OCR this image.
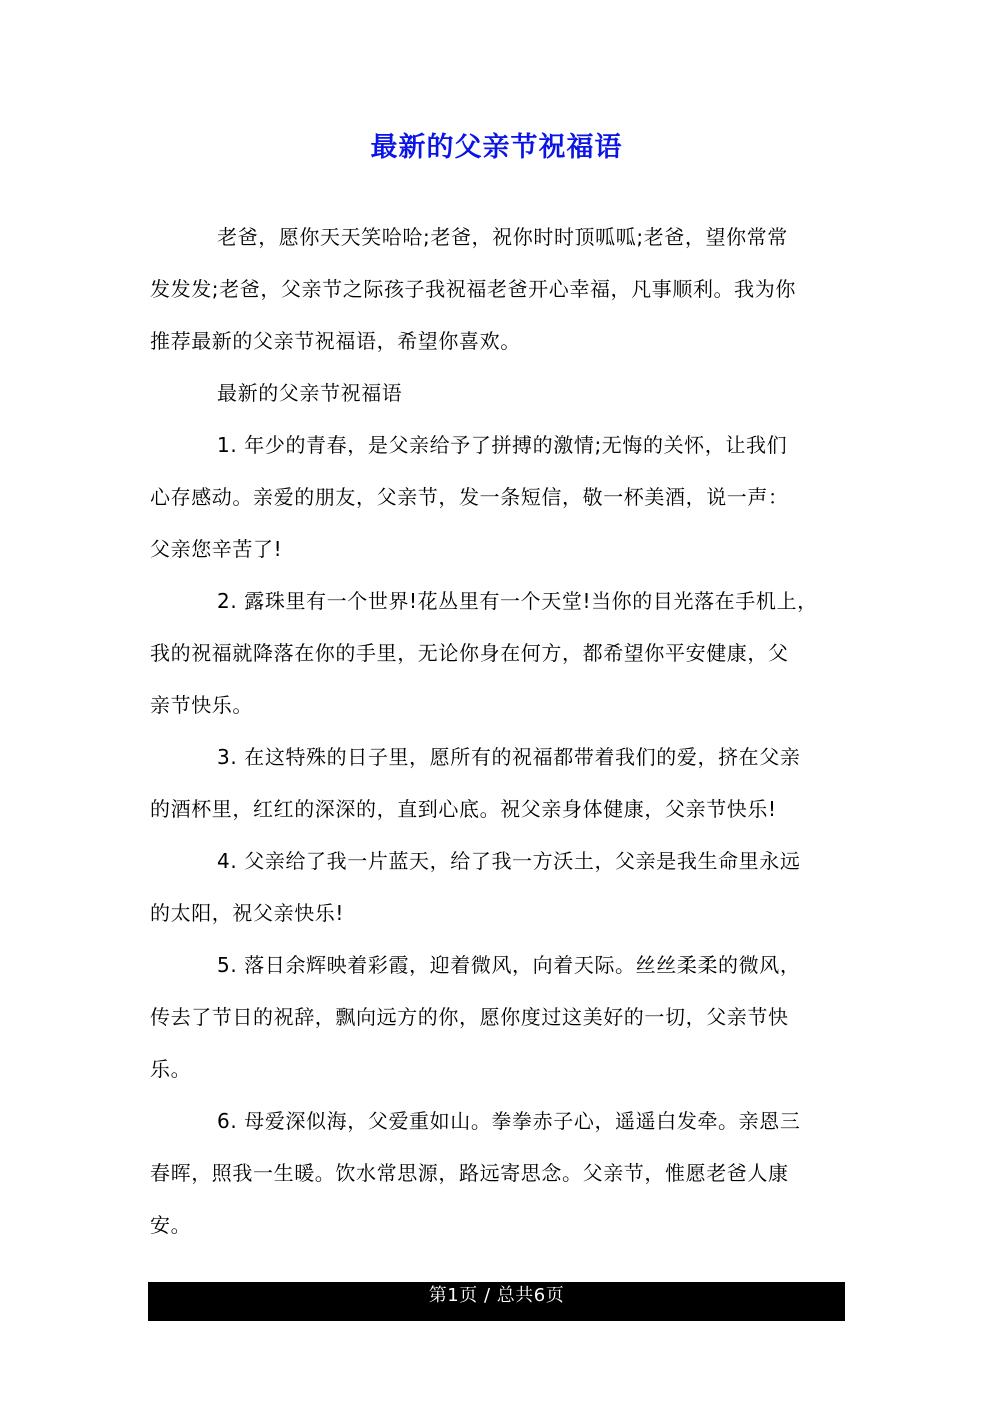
最新的父亲节祝福语
老爸，愿你天天笑哈哈;老爸，祝你时时顶呱呱;老爸，望你常常
发发发;老爸，父亲节之际孩子我祝福老爸开心幸福，凡事顺利。我为你
推荐最新的父亲节祝福语，希望你喜欢。
最新的父亲节祝福语
1. 年少的青春，是父亲给予了拼搏的激情;无悔的关怀，让我们
心存感动。亲爱的朋友，父亲节，发一条短信，敬一杯美酒，说一声：
父亲您辛苦了!
2. 露珠里有一个世界!花丛里有一个天堂!当你的目光落在手机上，
我的祝福就降落在你的手里，无论你身在何方，都希望你平安健康，父
亲节快乐。
3. 在这特殊的日子里，愿所有的祝福都带着我们的爱，挤在父亲
的酒杯里，红红的深深的，直到心底。祝父亲身体健康，父亲节快乐!
4. 父亲给了我一片蓝天，给了我一方沃土，父亲是我生命里永远
的太阳，祝父亲快乐!
5. 落日余辉映着彩霞，迎着微风，向着天际。丝丝柔柔的微风，
传去了节日的祝辞，飘向远方的你，愿你度过这美好的一切，父亲节快
乐。
6. 母爱深似海，父爱重如山。拳拳赤子心，遥遥白发牵。亲恩三
春晖，照我一生暖。饮水常思源，路远寄思念。父亲节，惟愿老爸人康
安。
第1页 / 总共6页
